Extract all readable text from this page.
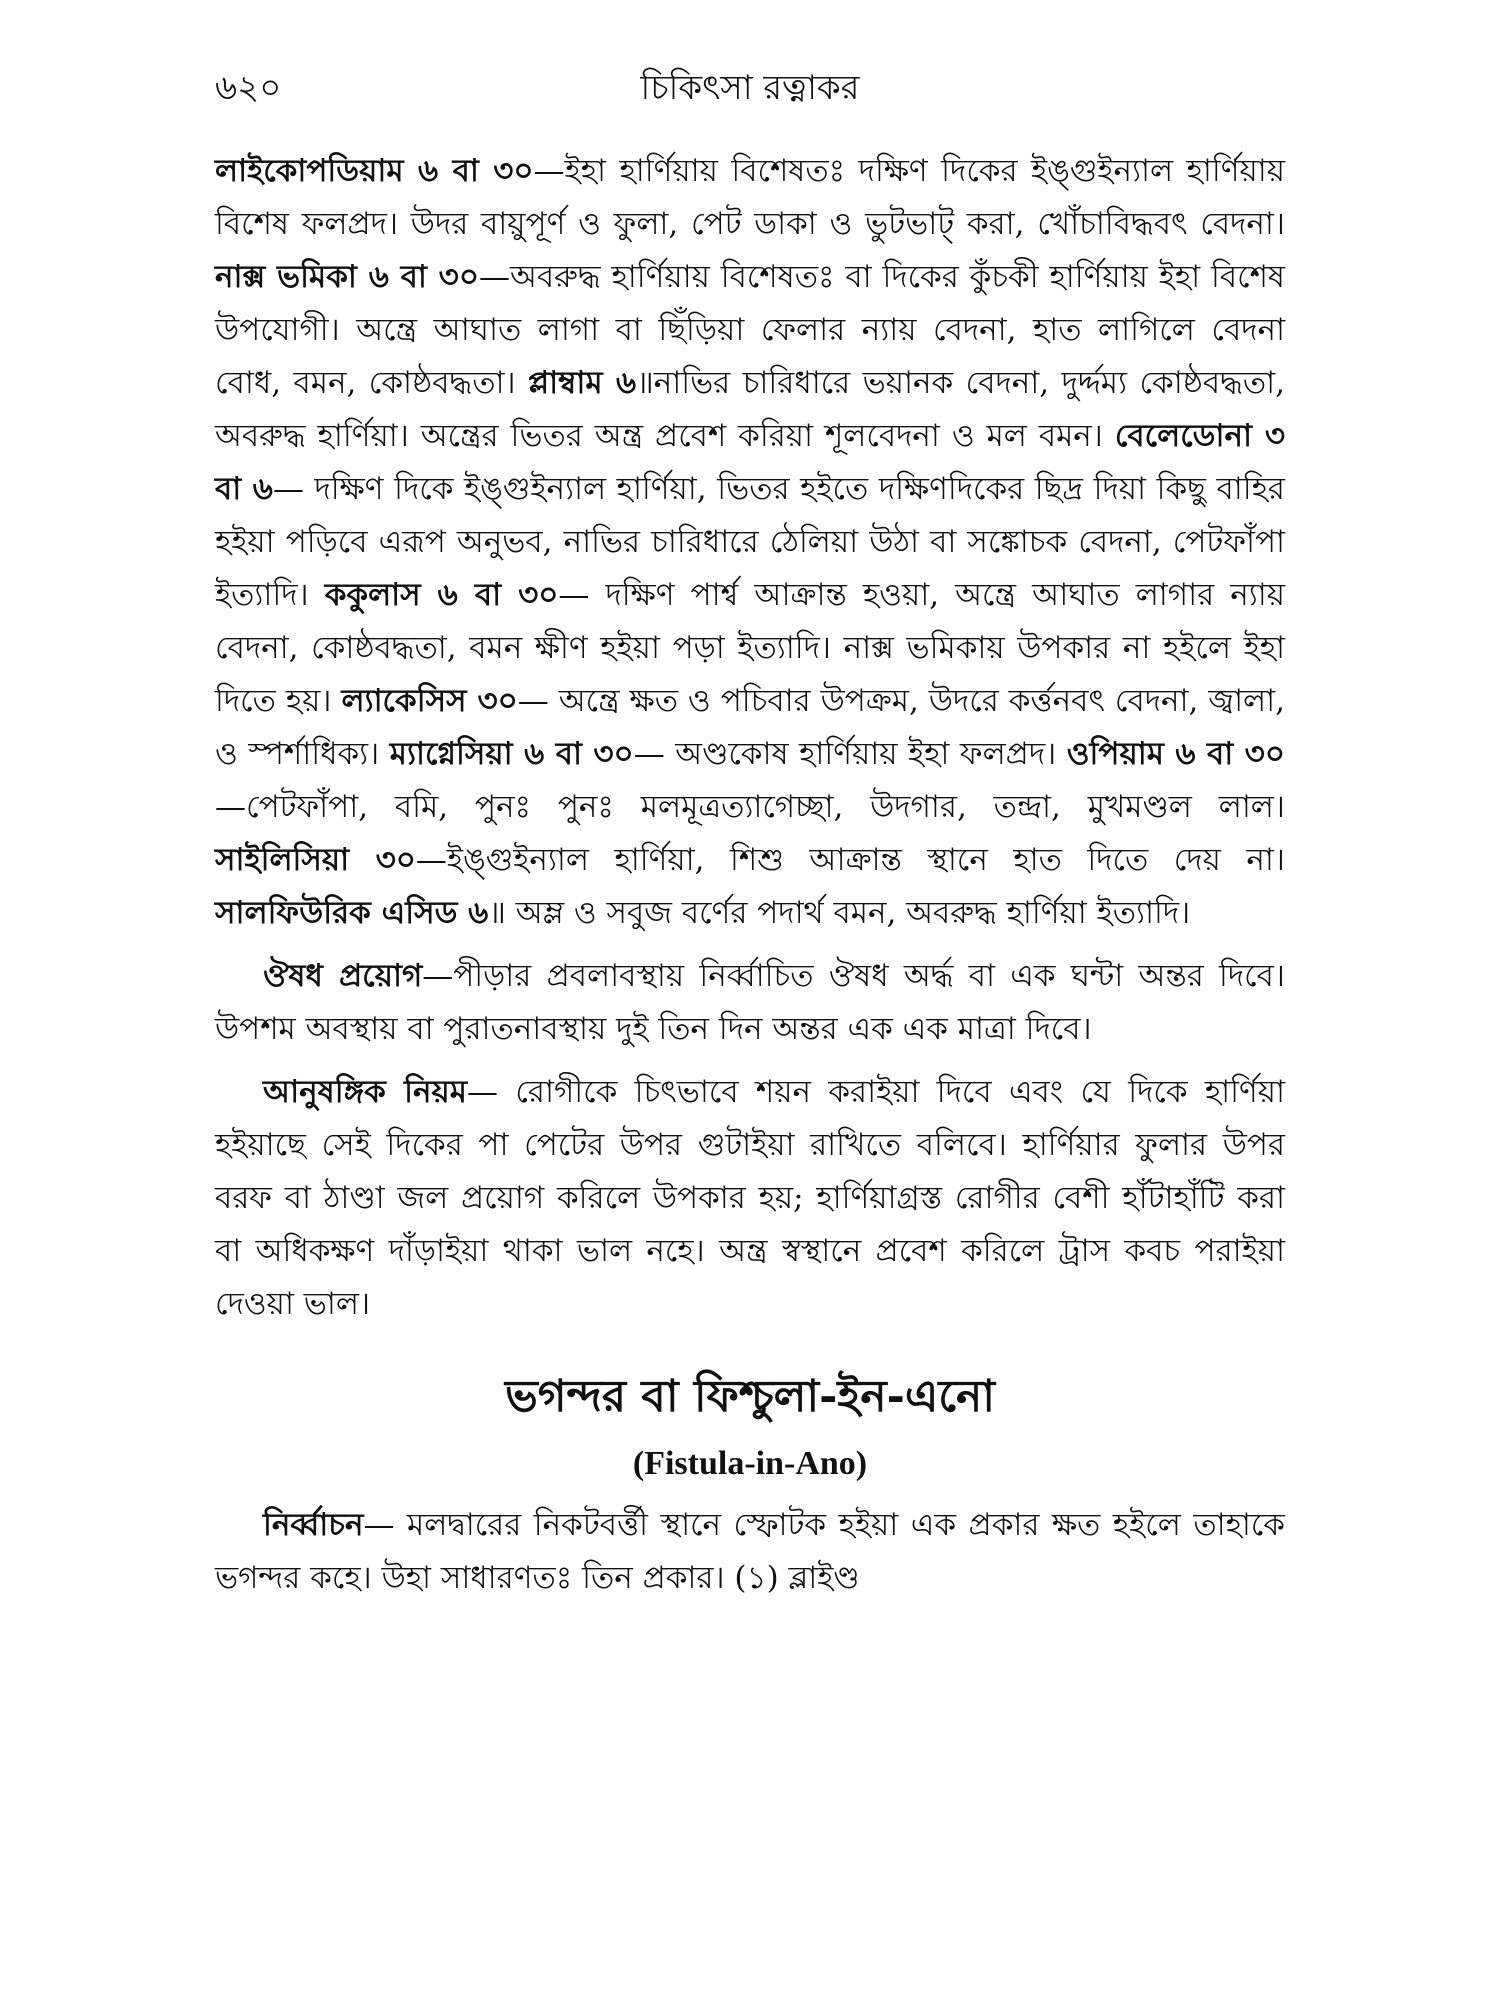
৬২০	চিকিৎসা রত্নাকর

লাইকোপডিয়াম ৬ বা ৩০—ইহা হার্ণিয়ায় বিশেষতঃ দক্ষিণ দিকের ইঙ্গুইন্যাল হার্ণিয়ায় বিশেষ ফলপ্রদ। উদর বায়ুপূর্ণ ও ফুলা, পেট ডাকা ও ভুটভাট্ করা, খোঁচাবিদ্ধবৎ বেদনা। নাক্স ভমিকা ৬ বা ৩০—অবরুদ্ধ হার্ণিয়ায় বিশেষতঃ বা দিকের কুঁচকী হার্ণিয়ায় ইহা বিশেষ উপযোগী। অন্ত্রে আঘাত লাগা বা ছিঁড়িয়া ফেলার ন্যায় বেদনা, হাত লাগিলে বেদনা বোধ, বমন, কোষ্ঠবদ্ধতা। প্লাম্বাম ৬॥নাভির চারিধারে ভয়ানক বেদনা, দুর্দ্দম্য কোষ্ঠবদ্ধতা, অবরুদ্ধ হার্ণিয়া। অন্ত্রের ভিতর অন্ত্র প্রবেশ করিয়া শূলবেদনা ও মল বমন। বেলেডোনা ৩ বা ৬— দক্ষিণ দিকে ইঙ্গুইন্যাল হার্ণিয়া, ভিতর হইতে দক্ষিণদিকের ছিদ্র দিয়া কিছু বাহির হইয়া পড়িবে এরূপ অনুভব, নাভির চারিধারে ঠেলিয়া উঠা বা সঙ্কোচক বেদনা, পেটফাঁপা ইত্যাদি। ককুলাস ৬ বা ৩০— দক্ষিণ পার্শ্ব আক্রান্ত হওয়া, অন্ত্রে আঘাত লাগার ন্যায় বেদনা, কোষ্ঠবদ্ধতা, বমন ক্ষীণ হইয়া পড়া ইত্যাদি। নাক্স ভমিকায় উপকার না হইলে ইহা দিতে হয়। ল্যাকেসিস ৩০— অন্ত্রে ক্ষত ও পচিবার উপক্রম, উদরে কর্ত্তনবৎ বেদনা, জ্বালা, ও স্পর্শাধিক্য। ম্যাগ্নেসিয়া ৬ বা ৩০— অণ্ডকোষ হার্ণিয়ায় ইহা ফলপ্রদ। ওপিয়াম ৬ বা ৩০—পেটফাঁপা, বমি, পুনঃ পুনঃ মলমূত্রত্যাগেচ্ছা, উদগার, তন্দ্রা, মুখমণ্ডল লাল। সাইলিসিয়া ৩০—ইঙ্গুইন্যাল হার্ণিয়া, শিশু আক্রান্ত স্থানে হাত দিতে দেয় না। সালফিউরিক এসিড ৬॥ অম্ল ও সবুজ বর্ণের পদার্থ বমন, অবরুদ্ধ হার্ণিয়া ইত্যাদি।

ঔষধ প্রয়োগ—পীড়ার প্রবলাবস্থায় নির্ব্বাচিত ঔষধ অর্দ্ধ বা এক ঘন্টা অন্তর দিবে। উপশম অবস্থায় বা পুরাতনাবস্থায় দুই তিন দিন অন্তর এক এক মাত্রা দিবে।

আনুষঙ্গিক নিয়ম— রোগীকে চিৎভাবে শয়ন করাইয়া দিবে এবং যে দিকে হার্ণিয়া হইয়াছে সেই দিকের পা পেটের উপর গুটাইয়া রাখিতে বলিবে। হার্ণিয়ার ফুলার উপর বরফ বা ঠাণ্ডা জল প্রয়োগ করিলে উপকার হয়; হার্ণিয়াগ্রস্ত রোগীর বেশী হাঁটাহাঁটি করা বা অধিকক্ষণ দাঁড়াইয়া থাকা ভাল নহে। অন্ত্র স্বস্থানে প্রবেশ করিলে ট্রাস কবচ পরাইয়া দেওয়া ভাল।

ভগন্দর বা ফিশ্চুলা-ইন-এনো
(Fistula-in-Ano)

নির্ব্বাচন— মলদ্বারের নিকটবর্ত্তী স্থানে স্ফোটক হইয়া এক প্রকার ক্ষত হইলে তাহাকে ভগন্দর কহে। উহা সাধারণতঃ তিন প্রকার। (১) ব্লাইণ্ড
